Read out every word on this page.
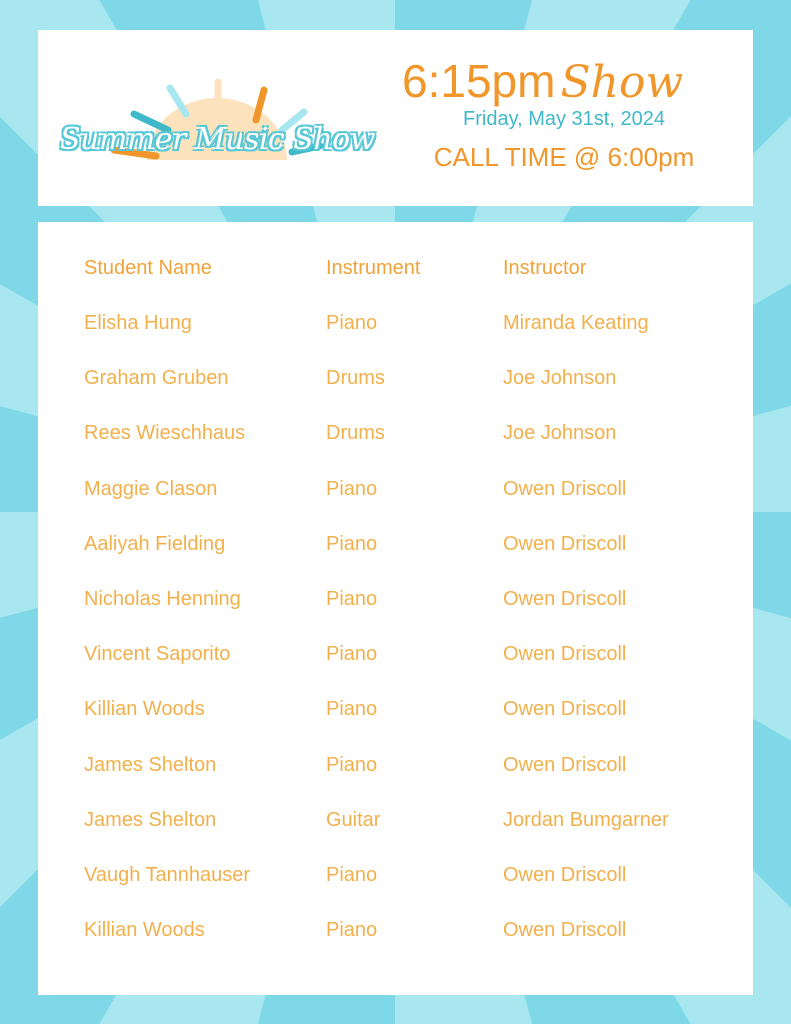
Summer Music Show
6:15pm Show
Friday, May 31st, 2024
CALL TIME @ 6:00pm
Student Name	Instrument	Instructor
Elisha Hung	Piano	Miranda Keating
Graham Gruben	Drums	Joe Johnson
Rees Wieschhaus	Drums	Joe Johnson
Maggie Clason	Piano	Owen Driscoll
Aaliyah Fielding	Piano	Owen Driscoll
Nicholas Henning	Piano	Owen Driscoll
Vincent Saporito	Piano	Owen Driscoll
Killian Woods	Piano	Owen Driscoll
James Shelton	Piano	Owen Driscoll
James Shelton	Guitar	Jordan Bumgarner
Vaugh Tannhauser	Piano	Owen Driscoll
Killian Woods	Piano	Owen Driscoll
